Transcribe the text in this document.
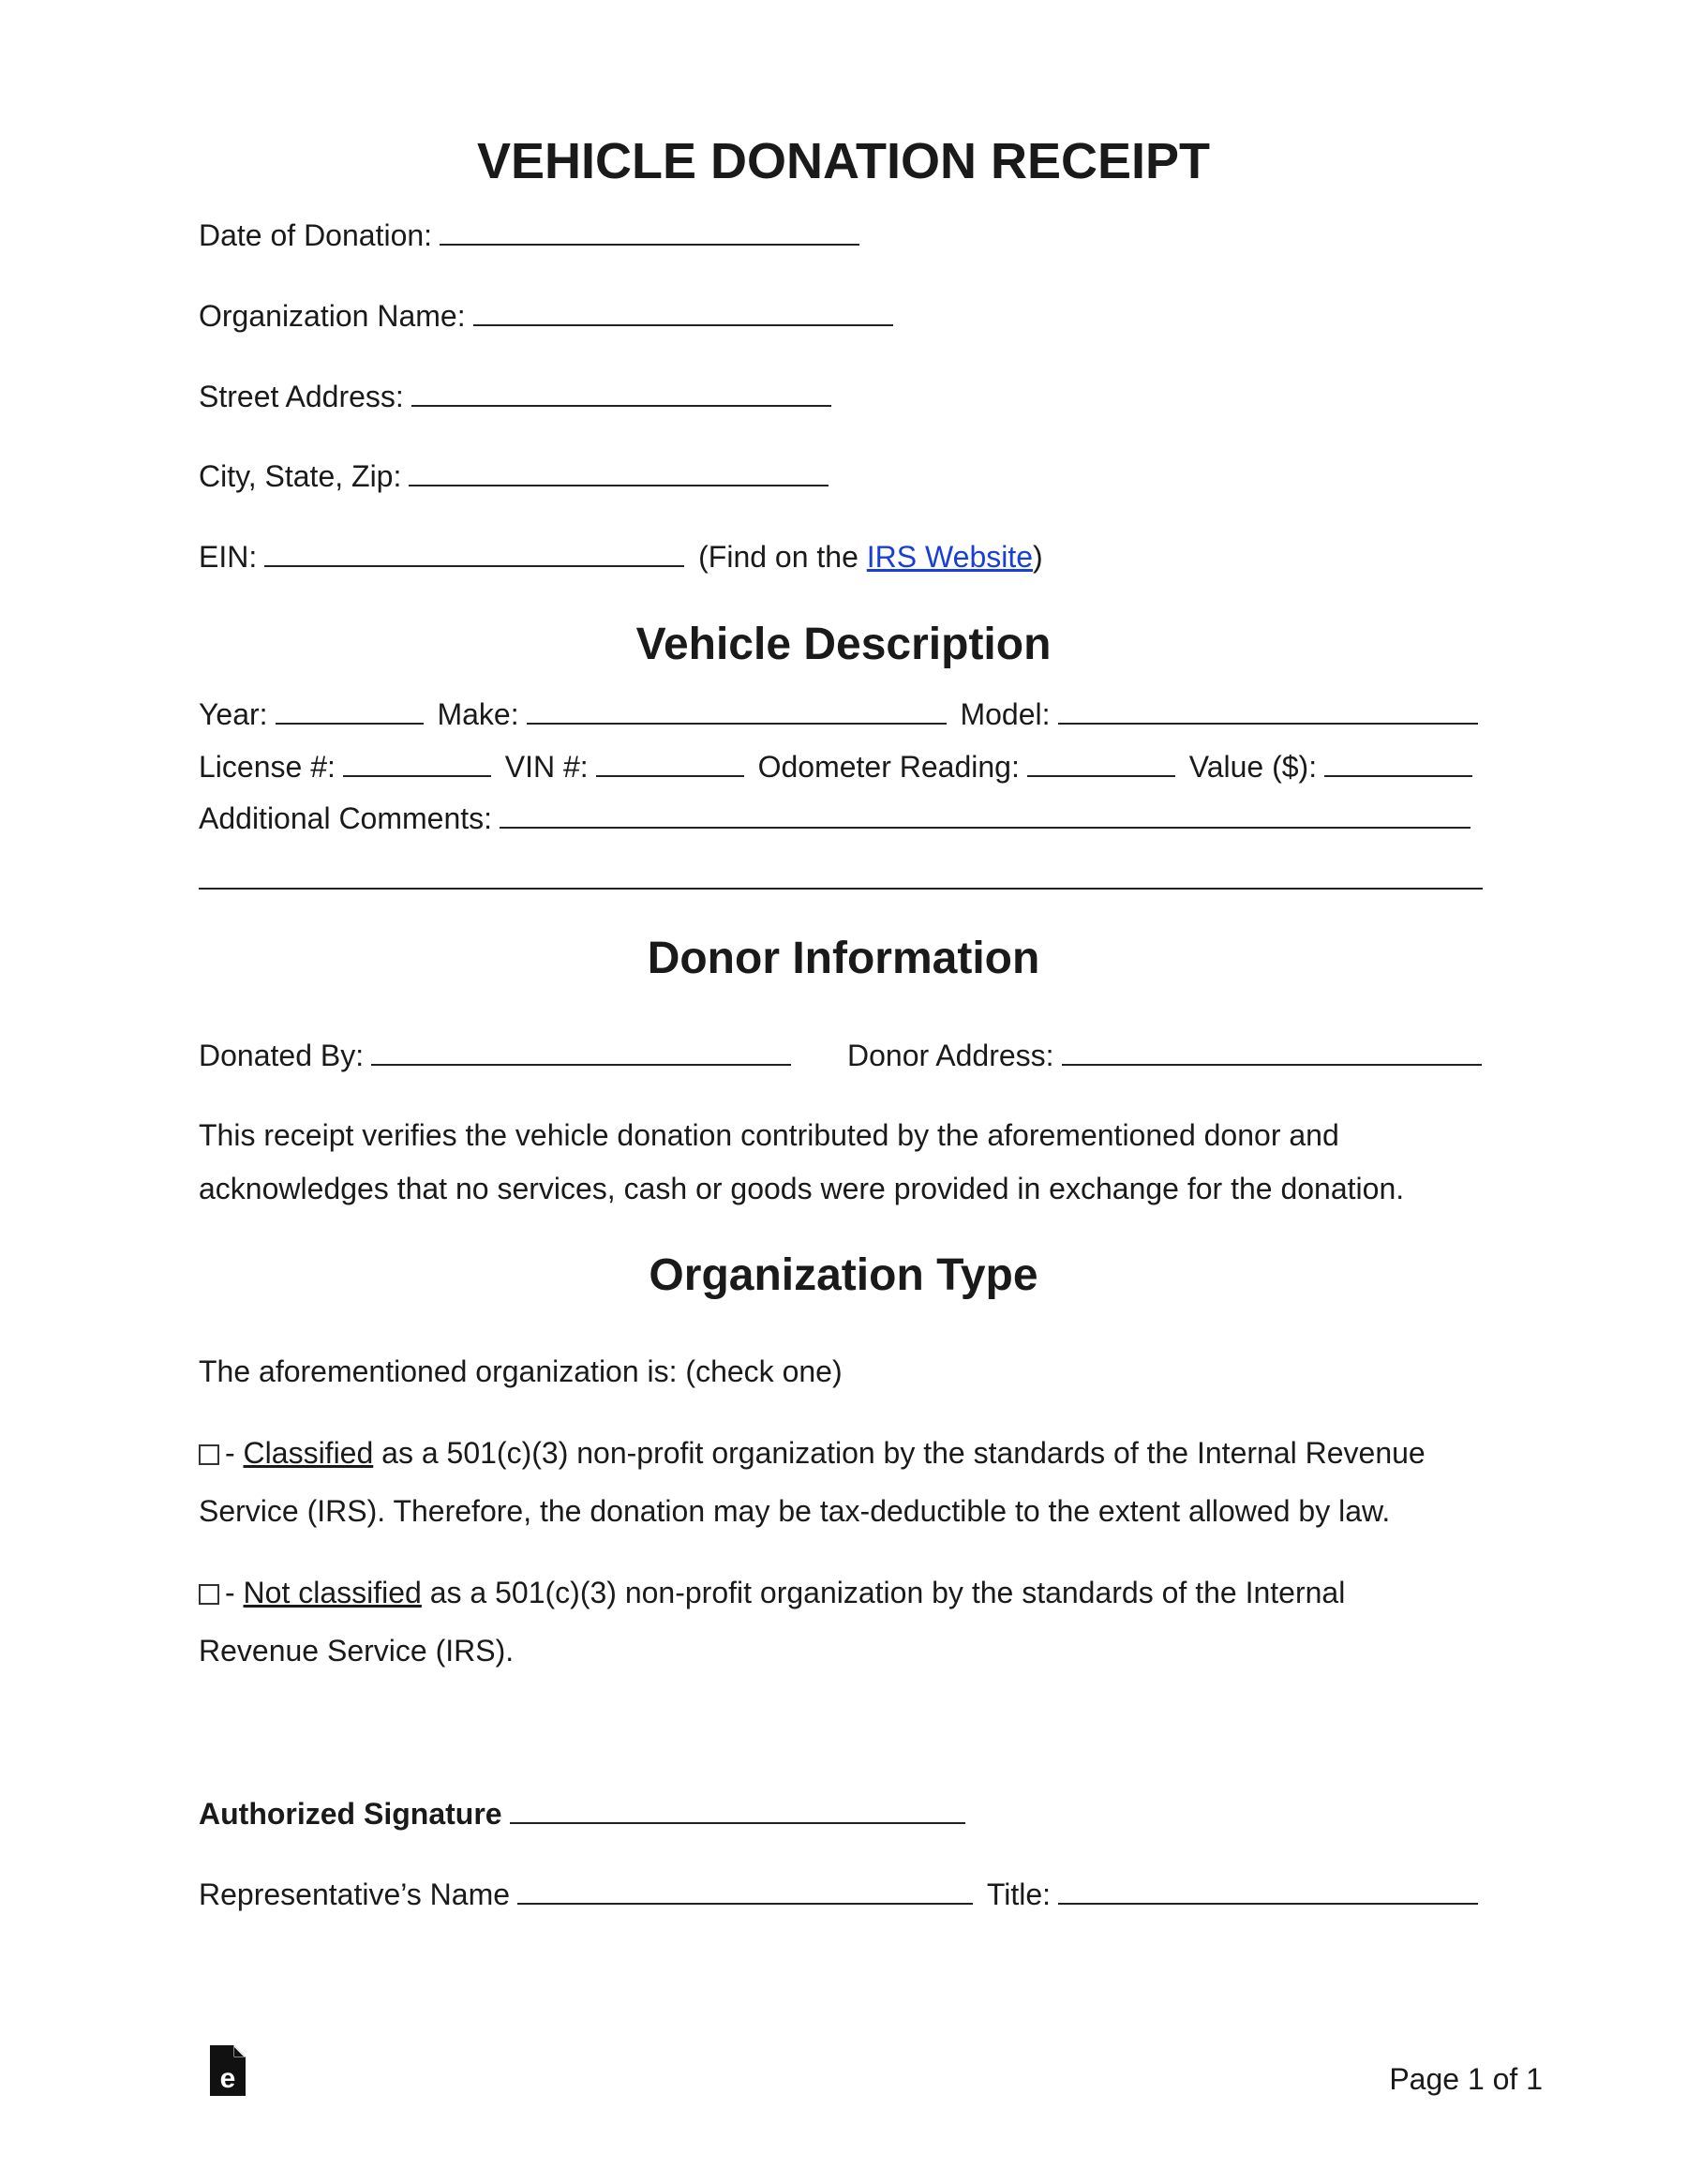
VEHICLE DONATION RECEIPT
Date of Donation:
Organization Name:
Street Address:
City, State, Zip:
EIN:	(Find on the IRS Website)
Vehicle Description
Year:	Make:	Model:
License #:	VIN #:	Odometer Reading:	Value ($):
Additional Comments:
Donor Information
Donated By:	Donor Address:
This receipt verifies the vehicle donation contributed by the aforementioned donor and
acknowledges that no services, cash or goods were provided in exchange for the donation.
Organization Type
The aforementioned organization is: (check one)
- Classified as a 501(c)(3) non-profit organization by the standards of the Internal Revenue
Service (IRS). Therefore, the donation may be tax-deductible to the extent allowed by law.
- Not classified as a 501(c)(3) non-profit organization by the standards of the Internal
Revenue Service (IRS).
Authorized Signature
Representative’s Name	Title:
e	Page 1 of 1
